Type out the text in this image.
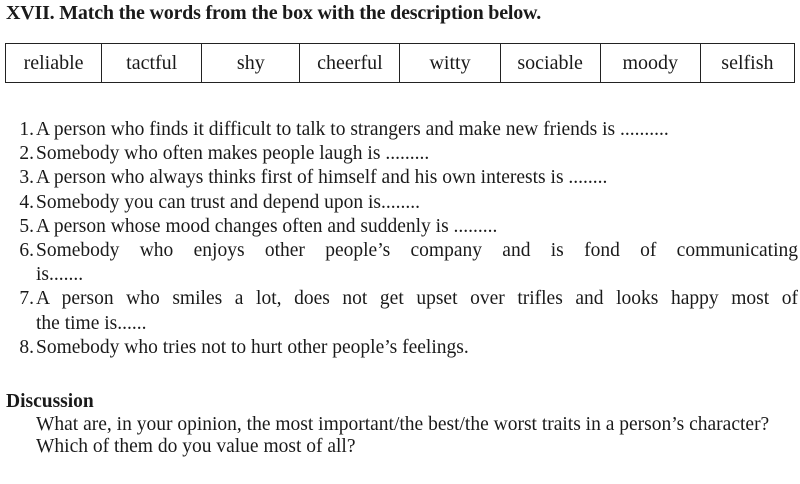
XVII. Match the words from the box with the description below.
reliable	tactful	shy	cheerful	witty	sociable	moody	selfish
1. A person who finds it difficult to talk to strangers and make new friends is ..........
2. Somebody who often makes people laugh is .........
3. A person who always thinks first of himself and his own interests is ........
4. Somebody you can trust and depend upon is........
5. A person whose mood changes often and suddenly is .........
6. Somebody who enjoys other people’s company and is fond of communicating
is.......
7. A person who smiles a lot, does not get upset over trifles and looks happy most of
the time is......
8. Somebody who tries not to hurt other people’s feelings.
Discussion
What are, in your opinion, the most important/the best/the worst traits in a person’s character?
Which of them do you value most of all?
